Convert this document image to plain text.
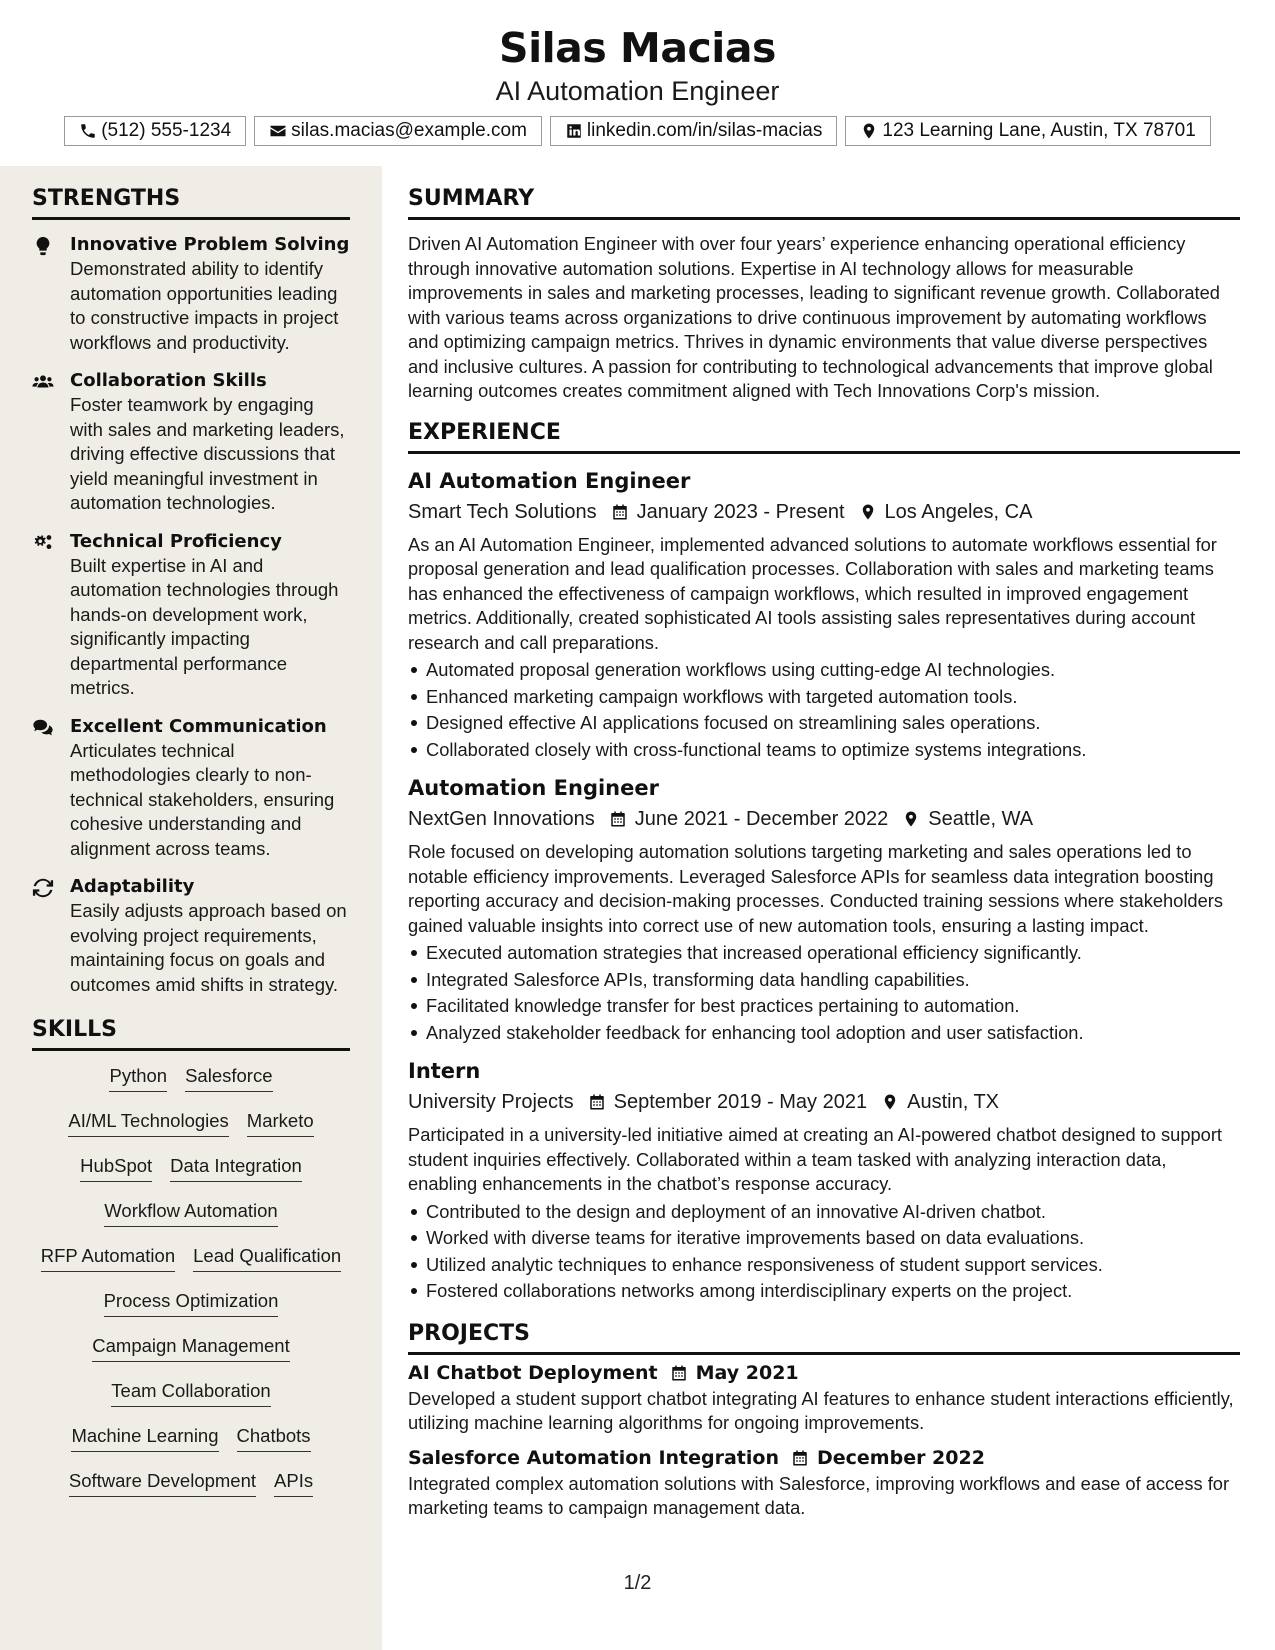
Silas Macias
AI Automation Engineer
(512) 555-1234	silas.macias@example.com	linkedin.com/in/silas-macias	123 Learning Lane, Austin, TX 78701
STRENGTHS
Innovative Problem Solving
Demonstrated ability to identify automation opportunities leading to constructive impacts in project workflows and productivity.
Collaboration Skills
Foster teamwork by engaging with sales and marketing leaders, driving effective discussions that yield meaningful investment in automation technologies.
Technical Proficiency
Built expertise in AI and automation technologies through hands-on development work, significantly impacting departmental performance metrics.
Excellent Communication
Articulates technical methodologies clearly to non-technical stakeholders, ensuring cohesive understanding and alignment across teams.
Adaptability
Easily adjusts approach based on evolving project requirements, maintaining focus on goals and outcomes amid shifts in strategy.
SKILLS
Python Salesforce
AI/ML Technologies Marketo
HubSpot Data Integration
Workflow Automation
RFP Automation Lead Qualification
Process Optimization
Campaign Management
Team Collaboration
Machine Learning Chatbots
Software Development APIs
SUMMARY
Driven AI Automation Engineer with over four years’ experience enhancing operational efficiency through innovative automation solutions. Expertise in AI technology allows for measurable improvements in sales and marketing processes, leading to significant revenue growth. Collaborated with various teams across organizations to drive continuous improvement by automating workflows and optimizing campaign metrics. Thrives in dynamic environments that value diverse perspectives and inclusive cultures. A passion for contributing to technological advancements that improve global learning outcomes creates commitment aligned with Tech Innovations Corp's mission.
EXPERIENCE
AI Automation Engineer
Smart Tech Solutions January 2023 - Present Los Angeles, CA
As an AI Automation Engineer, implemented advanced solutions to automate workflows essential for proposal generation and lead qualification processes. Collaboration with sales and marketing teams has enhanced the effectiveness of campaign workflows, which resulted in improved engagement metrics. Additionally, created sophisticated AI tools assisting sales representatives during account research and call preparations.
Automated proposal generation workflows using cutting-edge AI technologies.
Enhanced marketing campaign workflows with targeted automation tools.
Designed effective AI applications focused on streamlining sales operations.
Collaborated closely with cross-functional teams to optimize systems integrations.
Automation Engineer
NextGen Innovations June 2021 - December 2022 Seattle, WA
Role focused on developing automation solutions targeting marketing and sales operations led to notable efficiency improvements. Leveraged Salesforce APIs for seamless data integration boosting reporting accuracy and decision-making processes. Conducted training sessions where stakeholders gained valuable insights into correct use of new automation tools, ensuring a lasting impact.
Executed automation strategies that increased operational efficiency significantly.
Integrated Salesforce APIs, transforming data handling capabilities.
Facilitated knowledge transfer for best practices pertaining to automation.
Analyzed stakeholder feedback for enhancing tool adoption and user satisfaction.
Intern
University Projects September 2019 - May 2021 Austin, TX
Participated in a university-led initiative aimed at creating an AI-powered chatbot designed to support student inquiries effectively. Collaborated within a team tasked with analyzing interaction data, enabling enhancements in the chatbot’s response accuracy.
Contributed to the design and deployment of an innovative AI-driven chatbot.
Worked with diverse teams for iterative improvements based on data evaluations.
Utilized analytic techniques to enhance responsiveness of student support services.
Fostered collaborations networks among interdisciplinary experts on the project.
PROJECTS
AI Chatbot Deployment May 2021
Developed a student support chatbot integrating AI features to enhance student interactions efficiently, utilizing machine learning algorithms for ongoing improvements.
Salesforce Automation Integration December 2022
Integrated complex automation solutions with Salesforce, improving workflows and ease of access for marketing teams to campaign management data.
1/2
